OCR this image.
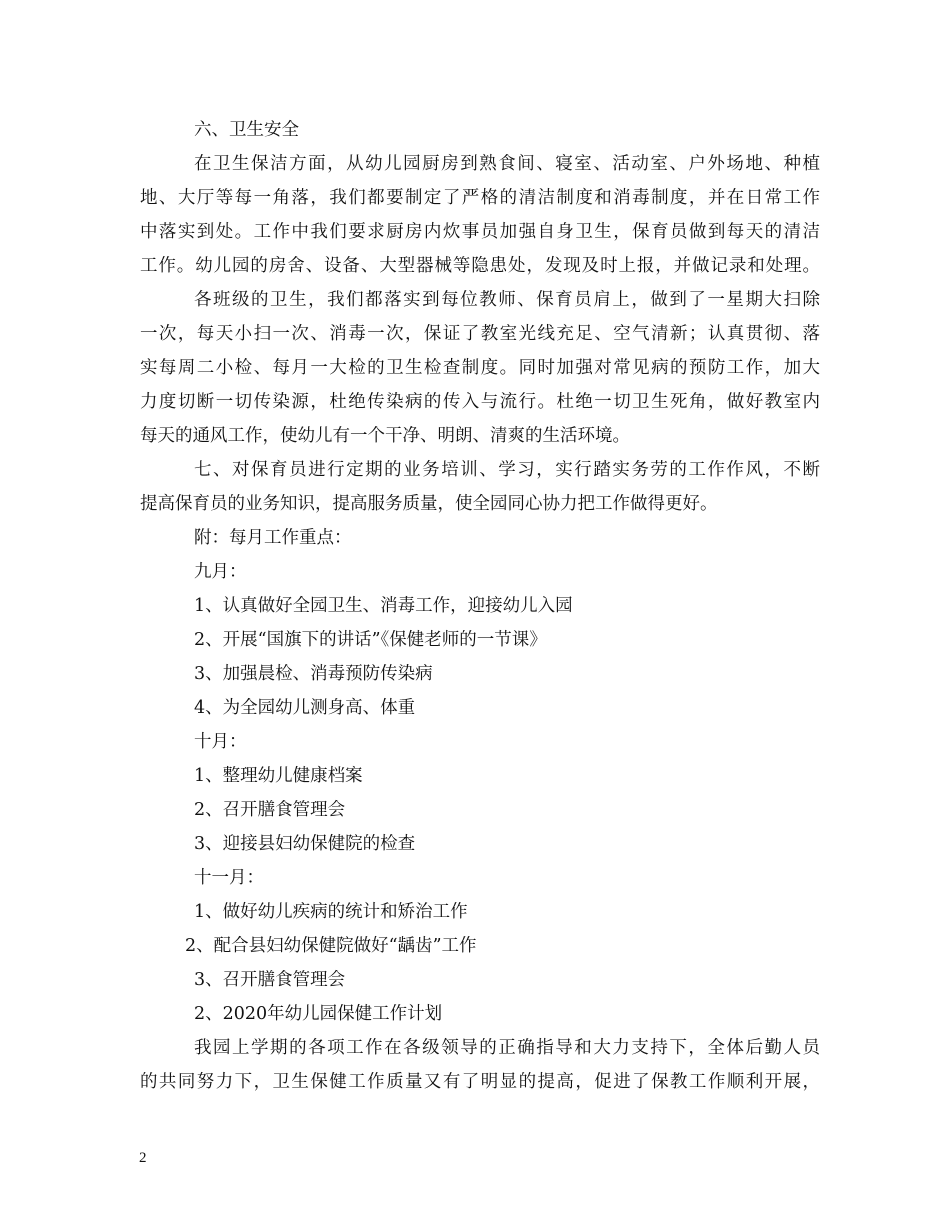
六、卫生安全
在卫生保洁方面，从幼儿园厨房到熟食间、寝室、活动室、户外场地、种植
地、大厅等每一角落，我们都要制定了严格的清洁制度和消毒制度，并在日常工作
中落实到处。工作中我们要求厨房内炊事员加强自身卫生，保育员做到每天的清洁
工作。幼儿园的房舍、设备、大型器械等隐患处，发现及时上报，并做记录和处理。
各班级的卫生，我们都落实到每位教师、保育员肩上，做到了一星期大扫除
一次，每天小扫一次、消毒一次，保证了教室光线充足、空气清新；认真贯彻、落
实每周二小检、每月一大检的卫生检查制度。同时加强对常见病的预防工作，加大
力度切断一切传染源，杜绝传染病的传入与流行。杜绝一切卫生死角，做好教室内
每天的通风工作，使幼儿有一个干净、明朗、清爽的生活环境。
七、对保育员进行定期的业务培训、学习，实行踏实务劳的工作作风，不断
提高保育员的业务知识，提高服务质量，使全园同心协力把工作做得更好。
附：每月工作重点：
九月：
1、认真做好全园卫生、消毒工作，迎接幼儿入园
2、开展“国旗下的讲话”《保健老师的一节课》
3、加强晨检、消毒预防传染病
4、为全园幼儿测身高、体重
十月：
1、整理幼儿健康档案
2、召开膳食管理会
3、迎接县妇幼保健院的检查
十一月：
1、做好幼儿疾病的统计和矫治工作
2、配合县妇幼保健院做好“龋齿”工作
3、召开膳食管理会
2、2020年幼儿园保健工作计划
我园上学期的各项工作在各级领导的正确指导和大力支持下，全体后勤人员
的共同努力下，卫生保健工作质量又有了明显的提高，促进了保教工作顺利开展，
2
